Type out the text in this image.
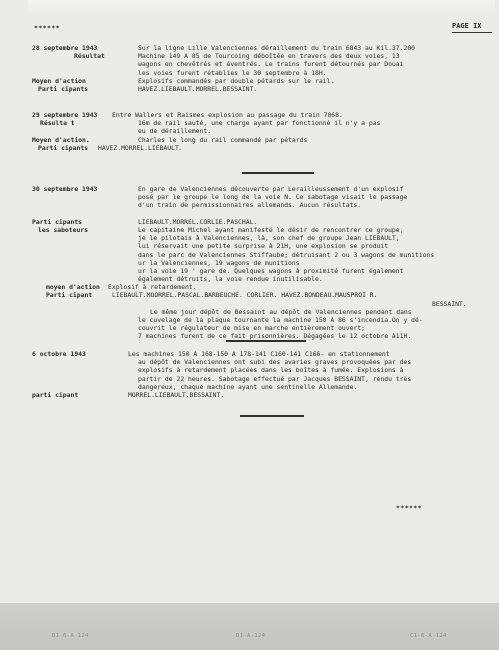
******	PAGE IX
28 septembre 1943	Sur la ligne Lille Valenciennes déraillement du train 6843 au Kil.37.200
Résultat	Machine 149 A 85 de Tourcoing déboîtée en travers des deux voies, 13
wagons en chevêtrés et éventrés. Le trains furent détournés par Douai
les voies furent rétablies le 30 septembre à 18H.
Moyen d'action	Explosifs commandés par double pétards sur le rail.
Parti cipants	HAVEZ.LIEBAULT.MORREL.BESSAINT.
29 septembre 1943 Entre Wallers et Raismes explosion au passage du train 7068.
Résulta t	16m de rail sauté, une charge ayant par fonctionné il n'y a pas
eu de déraillement.
Moyen d'action.	Charles le long du rail commandé par pétards
Parti cipants HAVEZ.MORREL.LIEBAULT.
30 septembre 1943	En gare de Valenciennes découverte par Lerailleussement d'un explosif
posé par le groupe le long de la voie N. Ce sabotage visait le passage
d'un train de permissionnaires allemands. Aucun résultats.
Parti cipants	LIEBAULT.MORREL.CORLIE.PASCHAL.
les saboteurs	Le capitaine Michel ayant manifesté le désir de rencontrer ce groupe,
je le pilotais à Valenciennes, là, son chef de groupe Jean LIEBAULT,
lui réservait une petite surprise à 21H, une explosion se produit
dans le parc de Valenciennes Stiffaube; détruisant 2 ou 3 wagons de munitions
ur la Valenciennes, 19 wagons de munitions
ur la voie 19 ' gare de. Quelques wagons à proximité furent également
également détruits, la voie rendue inutilisable.
moyen d'action Explosif à retardement.
Parti cipant	LIEBAULT.MOORREL.PASCAL.BARBEUCHE. CORLIER. HAVEZ.BONDEAU.MAUSPROI R.
BESSAINT.
Le même jour dépôt de Bessaint au dépôt de Valenciennes pendant dans
le cuvelage de la plaque tournante la machine 150 A 86 s'incendia.On y dé-
couvrit le régulateur de mise en marche entièrement ouvert;
7 machines furent de ce fait prisonnières. Dégagées le 12 octobre à11H.
6 octobre 1943	Les machines 150 A 168-150 A 178-141 C160-141 C166- en stationnement
au dépôt de Valenciennes ont subi des avaries graves provoquées par des
explosifs à retardement placées dans les boîtes à fumée. Explosions à
partir de 22 heures. Sabotage effectué par Jacques BESSAINT, rendu très
dangereux, chaque machine ayant une sentinelle Allemande.
parti cipant	MORREL.LIEBAULT.BESSAINT.
******
D1-6-A 124	D1-A-124	C1-6-A 124
